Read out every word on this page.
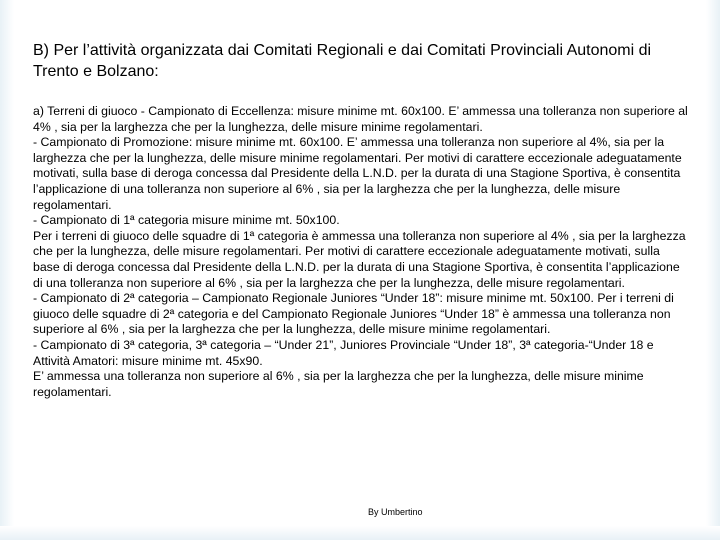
B) Per l’attività organizzata dai Comitati Regionali e dai Comitati Provinciali Autonomi di Trento e Bolzano:

a) Terreni di giuoco - Campionato di Eccellenza: misure minime mt. 60x100. E’ ammessa una tolleranza non superiore al 4% , sia per la larghezza che per la lunghezza, delle misure minime regolamentari.

- Campionato di Promozione: misure minime mt. 60x100. E’ ammessa una tolleranza non superiore al 4%, sia per la larghezza che per la lunghezza, delle misure minime regolamentari. Per motivi di carattere eccezionale adeguatamente motivati, sulla base di deroga concessa dal Presidente della L.N.D. per la durata di una Stagione Sportiva, è consentita l’applicazione di una tolleranza non superiore al 6% , sia per la larghezza che per la lunghezza, delle misure regolamentari.

- Campionato di 1ª categoria misure minime mt. 50x100.

Per i terreni di giuoco delle squadre di 1ª categoria è ammessa una tolleranza non superiore al 4% , sia per la larghezza che per la lunghezza, delle misure regolamentari. Per motivi di carattere eccezionale adeguatamente motivati, sulla base di deroga concessa dal Presidente della L.N.D. per la durata di una Stagione Sportiva, è consentita l’applicazione di una tolleranza non superiore al 6% , sia per la larghezza che per la lunghezza, delle misure regolamentari.

- Campionato di 2ª categoria – Campionato Regionale Juniores “Under 18”: misure minime mt. 50x100. Per i terreni di giuoco delle squadre di 2ª categoria e del Campionato Regionale Juniores “Under 18” è ammessa una tolleranza non superiore al 6% , sia per la larghezza che per la lunghezza, delle misure minime regolamentari.

- Campionato di 3ª categoria, 3ª categoria – “Under 21”, Juniores Provinciale “Under 18”, 3ª categoria-“Under 18 e Attività Amatori: misure minime mt. 45x90.

E’ ammessa una tolleranza non superiore al 6% , sia per la larghezza che per la lunghezza, delle misure minime regolamentari.

By Umbertino
